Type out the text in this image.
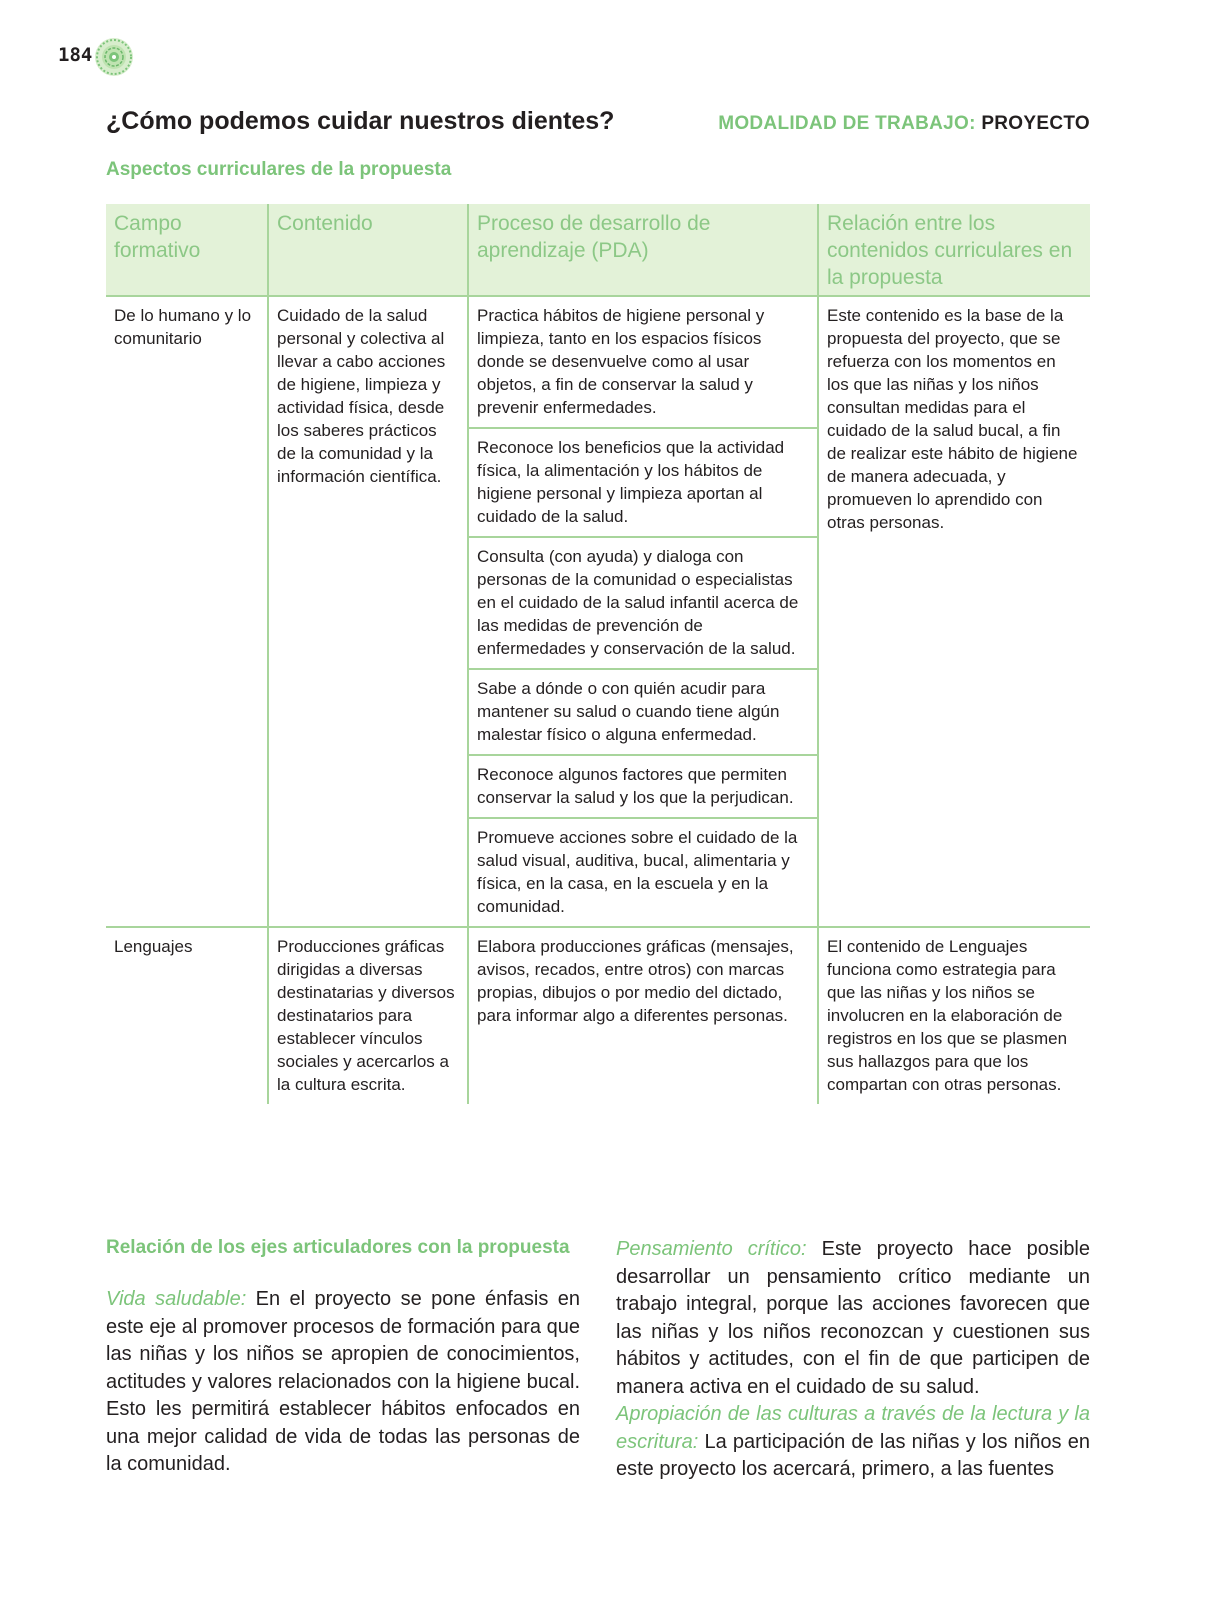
184
¿Cómo podemos cuidar nuestros dientes?	MODALIDAD DE TRABAJO: PROYECTO
Aspectos curriculares de la propuesta
Campo formativo	Contenido	Proceso de desarrollo de aprendizaje (PDA)	Relación entre los contenidos curriculares en la propuesta
De lo humano y lo comunitario	Cuidado de la salud personal y colectiva al llevar a cabo acciones de higiene, limpieza y actividad física, desde los saberes prácticos de la comunidad y la información científica.	Practica hábitos de higiene personal y limpieza, tanto en los espacios físicos donde se desenvuelve como al usar objetos, a fin de conservar la salud y prevenir enfermedades.	Este contenido es la base de la propuesta del proyecto, que se refuerza con los momentos en los que las niñas y los niños consultan medidas para el cuidado de la salud bucal, a fin de realizar este hábito de higiene de manera adecuada, y promueven lo aprendido con otras personas.
		Reconoce los beneficios que la actividad física, la alimentación y los hábitos de higiene personal y limpieza aportan al cuidado de la salud.	
		Consulta (con ayuda) y dialoga con personas de la comunidad o especialistas en el cuidado de la salud infantil acerca de las medidas de prevención de enfermedades y conservación de la salud.	
		Sabe a dónde o con quién acudir para mantener su salud o cuando tiene algún malestar físico o alguna enfermedad.	
		Reconoce algunos factores que permiten conservar la salud y los que la perjudican.	
		Promueve acciones sobre el cuidado de la salud visual, auditiva, bucal, alimentaria y física, en la casa, en la escuela y en la comunidad.	
Lenguajes	Producciones gráficas dirigidas a diversas destinatarias y diversos destinatarios para establecer vínculos sociales y acercarlos a la cultura escrita.	Elabora producciones gráficas (mensajes, avisos, recados, entre otros) con marcas propias, dibujos o por medio del dictado, para informar algo a diferentes personas.	El contenido de Lenguajes funciona como estrategia para que las niñas y los niños se involucren en la elaboración de registros en los que se plasmen sus hallazgos para que los compartan con otras personas.
Relación de los ejes articuladores con la propuesta

Vida saludable: En el proyecto se pone énfasis en este eje al promover procesos de formación para que las niñas y los niños se apropien de conocimientos, actitudes y valores relacionados con la higiene bucal. Esto les permitirá establecer hábitos enfocados en una mejor calidad de vida de todas las personas de la comunidad.

Pensamiento crítico: Este proyecto hace posible desarrollar un pensamiento crítico mediante un trabajo integral, porque las acciones favorecen que las niñas y los niños reconozcan y cuestionen sus hábitos y actitudes, con el fin de que participen de manera activa en el cuidado de su salud.

Apropiación de las culturas a través de la lectura y la escritura: La participación de las niñas y los niños en este proyecto los acercará, primero, a las fuentes
